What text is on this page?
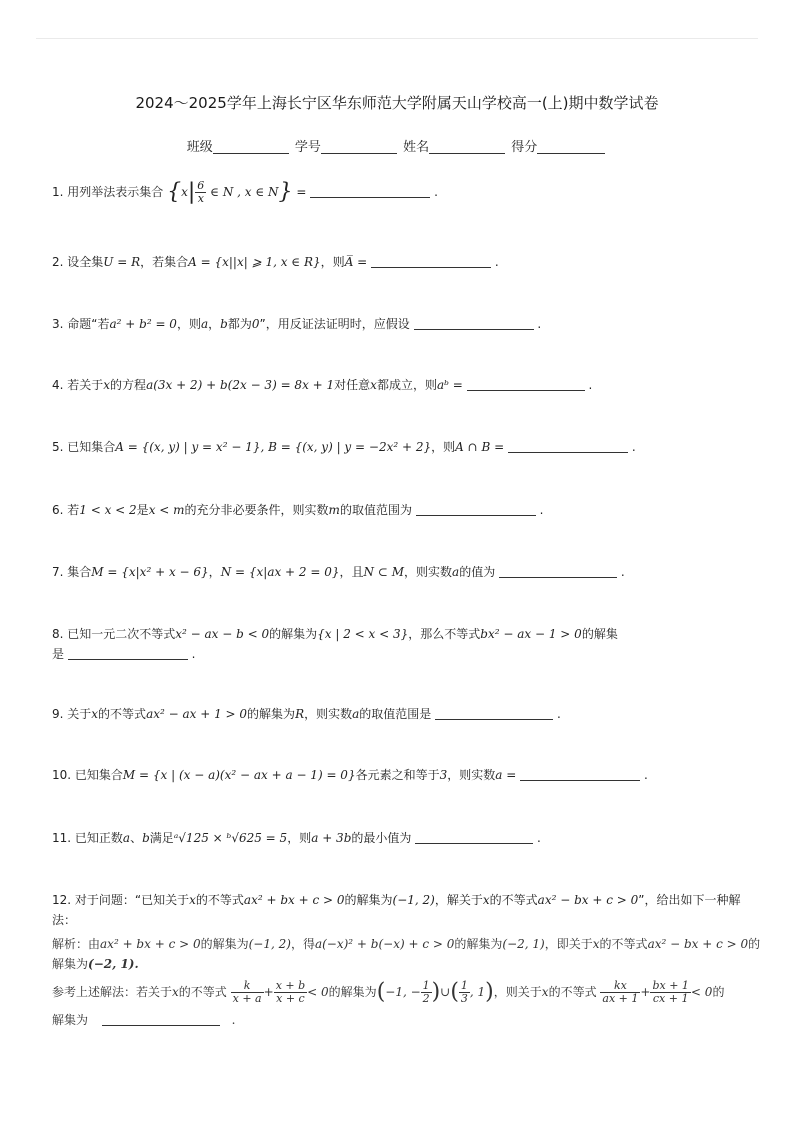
2024～2025学年上海长宁区华东师范大学附属天山学校高一(上)期中数学试卷
班级	学号	姓名	得分
1. 用列举法表示集合 {$x| \frac{6}{x}$ ∈ N , x ∈ N} =	.
2. 设全集U = R，若集合A = {x||x| ⩾ 1, x ∈ R}，则A̅ =	.
3. 命题“若a² + b² = 0，则a，b都为0”，用反证法证明时，应假设	.
4. 若关于x的方程a(3x + 2) + b(2x − 3) = 8x + 1对任意x都成立，则aᵇ =	.
5. 已知集合A = {(x, y) | y = x² − 1}, B = {(x, y) | y = −2x² + 2}，则A ∩ B =	.
6. 若1 < x < 2是x < m的充分非必要条件，则实数m的取值范围为	.
7. 集合M = {x|x² + x − 6}，N = {x|ax + 2 = 0}，且N ⊂ M，则实数a的值为	.
8. 已知一元二次不等式x² − ax − b < 0的解集为{x | 2 < x < 3}，那么不等式bx² − ax − 1 > 0的解集
是	.
9. 关于x的不等式ax² − ax + 1 > 0的解集为R，则实数a的取值范围是	.
10. 已知集合M = {x | (x − a)(x² − ax + a − 1) = 0}各元素之和等于3，则实数a =	.
11. 已知正数a、b满足ᵃ√125 × ᵇ√625 = 5，则a + 3b的最小值为	.
12. 对于问题：“已知关于x的不等式ax² + bx + c > 0的解集为(−1, 2)，解关于x的不等式ax² − bx + c > 0”，给出如下一种解
法：
解析：由ax² + bx + c > 0的解集为(−1, 2)，得a(−x)² + b(−x) + c > 0的解集为(−2, 1)，即关于x的不等式ax² − bx + c > 0的
解集为(−2, 1).
参考上述解法：若关于x的不等式 $\frac{k}{x + a} + \frac{x + b}{x + c} < 0$的解集为(−1, − $\frac{1}{2}$ )∪( $\frac{1}{3}$ , 1)，则关于x的不等式 $\frac{kx}{ax + 1} + \frac{bx + 1}{cx + 1} < 0$的
解集为	.
